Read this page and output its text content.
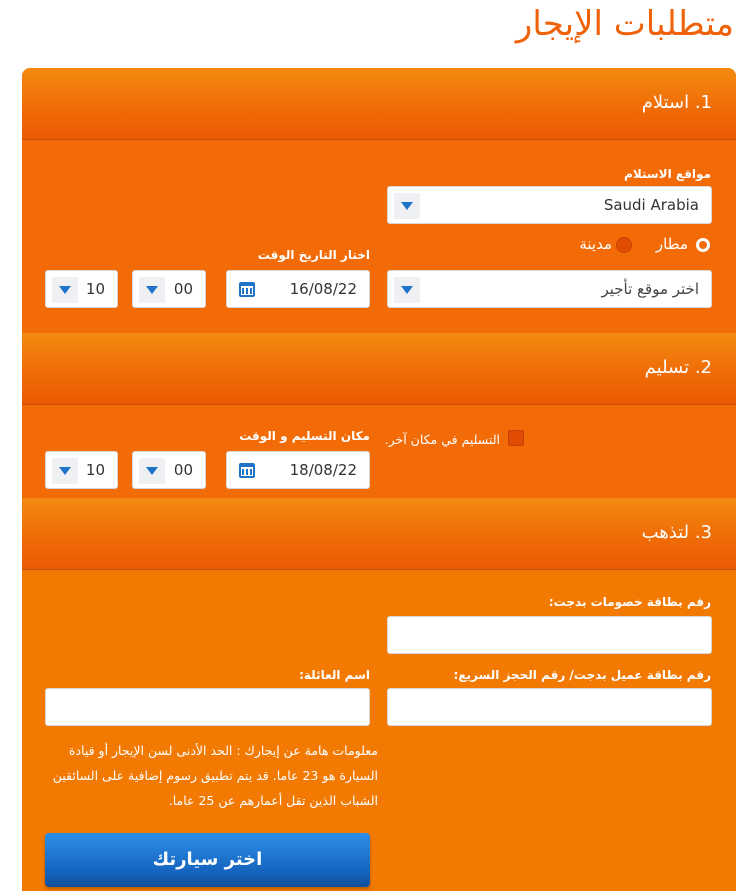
متطلبات الإيجار
1. استلام
مواقع الاستلام
Saudi Arabia
مطار
مدينة
اختر موقع تأجير
اختار التاريخ الوقت
16/08/22
00
10
2. تسليم
التسليم في مكان آخر.
مكان التسليم و الوقت
18/08/22
00
10
3. لتذهب
رقم بطاقة خصومات بدجت:
رقم بطاقة عميل بدجت/ رقم الحجز السريع:
اسم العائلة:
معلومات هامة عن إيجارك : الحد الأدنى لسن الإيجار أو قيادة السيارة هو 23 عاما. قد يتم تطبيق رسوم إضافية على السائقين الشباب الذين تقل أعمارهم عن 25 عاما.
اختر سيارتك
